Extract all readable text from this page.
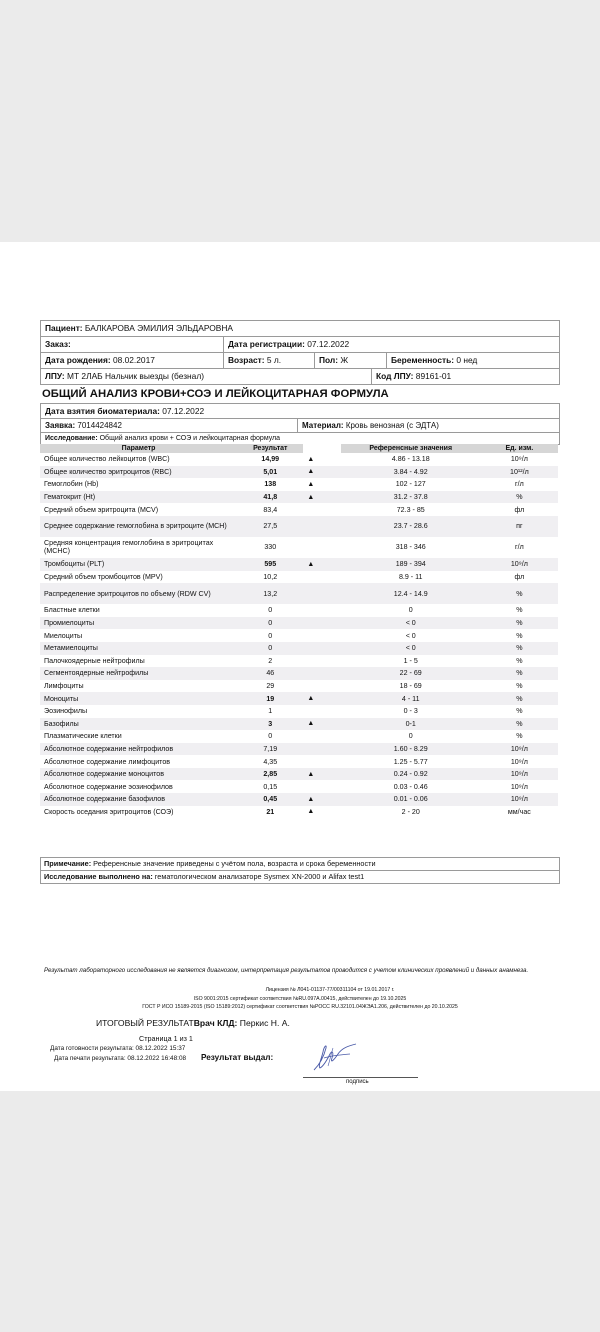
Пациент: БАЛКАРОВА ЭМИЛИЯ ЭЛЬДАРОВНА
Заказ:	Дата регистрации: 07.12.2022
Дата рождения: 08.02.2017	Возраст: 5 л.	Пол: Ж	Беременность: 0 нед
ЛПУ: МТ 2ЛАБ Нальчик выезды (безнал)	Код ЛПУ: 89161-01
ОБЩИЙ АНАЛИЗ КРОВИ+СОЭ И ЛЕЙКОЦИТАРНАЯ ФОРМУЛА
Дата взятия биоматериала: 07.12.2022
Заявка: 7014424842	Материал: Кровь венозная (с ЭДТА)
Исследование: Общий анализ крови + СОЭ и лейкоцитарная формула
Параметр	Результат		Референсные значения	Ед. изм.
Общее количество лейкоцитов (WBC)	14,99	▲	4.86 - 13.18	10⁹/л
Общее количество эритроцитов (RBC)	5,01	▲	3.84 - 4.92	10¹²/л
Гемоглобин (Hb)	138	▲	102 - 127	г/л
Гематокрит (Ht)	41,8	▲	31.2 - 37.8	%
Средний объем эритроцита (MCV)	83,4		72.3 - 85	фл
Среднее содержание гемоглобина в эритроците (MCH)	27,5		23.7 - 28.6	пг
Средняя концентрация гемоглобина в эритроцитах (MCHC)	330		318 - 346	г/л
Тромбоциты (PLT)	595	▲	189 - 394	10⁹/л
Средний объем тромбоцитов (MPV)	10,2		8.9 - 11	фл
Распределение эритроцитов по объему (RDW CV)	13,2		12.4 - 14.9	%
Бластные клетки	0		0	%
Промиелоциты	0		< 0	%
Миелоциты	0		< 0	%
Метамиелоциты	0		< 0	%
Палочкоядерные нейтрофилы	2		1 - 5	%
Сегментоядерные нейтрофилы	46		22 - 69	%
Лимфоциты	29		18 - 69	%
Моноциты	19	▲	4 - 11	%
Эозинофилы	1		0 - 3	%
Базофилы	3	▲	0-1	%
Плазматические клетки	0		0	%
Абсолютное содержание нейтрофилов	7,19		1.60 - 8.29	10⁹/л
Абсолютное содержание лимфоцитов	4,35		1.25 - 5.77	10⁹/л
Абсолютное содержание моноцитов	2,85	▲	0.24 - 0.92	10⁹/л
Абсолютное содержание эозинофилов	0,15		0.03 - 0.46	10⁹/л
Абсолютное содержание базофилов	0,45	▲	0.01 - 0.06	10⁹/л
Скорость оседания эритроцитов (СОЭ)	21	▲	2 - 20	мм/час
Примечание: Референсные значение приведены с учётом пола, возраста и срока беременности
Исследование выполнено на: гематологическом анализаторе Sysmex XN-2000 и Alifax test1
Результат лабораторного исследования не является диагнозом, интерпретация результатов проводится с учетом клинических проявлений и данных анамнеза.
Лицензия № Л041-01137-77/00311104 от 19.01.2017 г.
ISO 9001:2015 сертификат соответствия №RU.097А.00415, действителен до 19.10.2025
ГОСТ Р ИСО 15189-2015 (ISO 15189:2012) сертификат соответствия №РОСС RU.32101.04ЖЭА1.206, действителен до 20.10.2025
ИТОГОВЫЙ РЕЗУЛЬТАТВрач КЛД: Перкис Н. А.
Страница 1 из 1
Дата готовности результата: 08.12.2022 15:37
Дата печати результата: 08.12.2022 16:48:08 Результат выдал:
подпись
